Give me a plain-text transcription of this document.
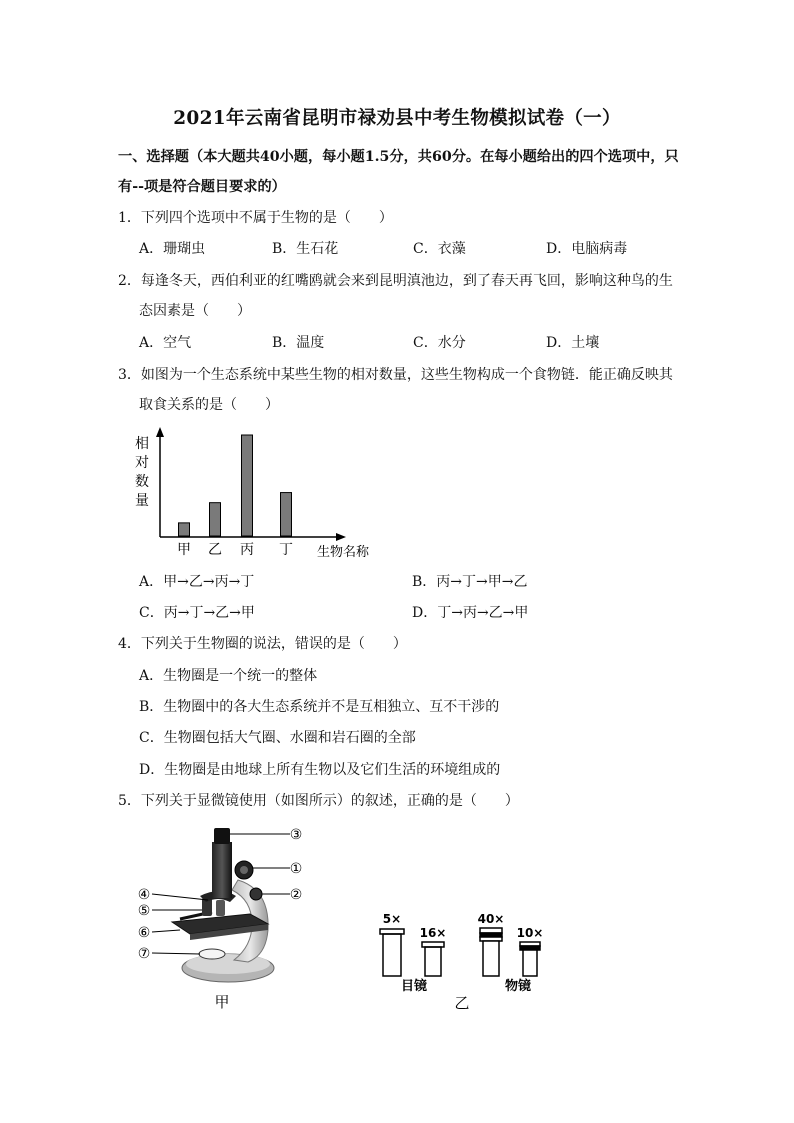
2021年云南省昆明市禄劝县中考生物模拟试卷（一）
一、选择题（本大题共40小题，每小题1.5分，共60分。在每小题给出的四个选项中，只
有--项是符合题目要求的）
1．下列四个选项中不属于生物的是（　　）
A．珊瑚虫	B．生石花	C．衣藻	D．电脑病毒
2．每逢冬天，西伯利亚的红嘴鸥就会来到昆明滇池边，到了春天再飞回，影响这种鸟的生
态因素是（　　）
A．空气	B．温度	C．水分	D．土壤
3．如图为一个生态系统中某些生物的相对数量，这些生物构成一个食物链．能正确反映其
取食关系的是（　　）
相
对
数
量
甲 乙 丙 丁 生物名称
A．甲→乙→丙→丁	B．丙→丁→甲→乙
C．丙→丁→乙→甲	D．丁→丙→乙→甲
4．下列关于生物圈的说法，错误的是（　　）
A．生物圈是一个统一的整体
B．生物圈中的各大生态系统并不是互相独立、互不干涉的
C．生物圈包括大气圈、水圈和岩石圈的全部
D．生物圈是由地球上所有生物以及它们生活的环境组成的
5．下列关于显微镜使用（如图所示）的叙述，正确的是（　　）
③
①
②
④
⑤
⑥
⑦
甲
5×
16×
40×
10×
目镜	物镜
乙
